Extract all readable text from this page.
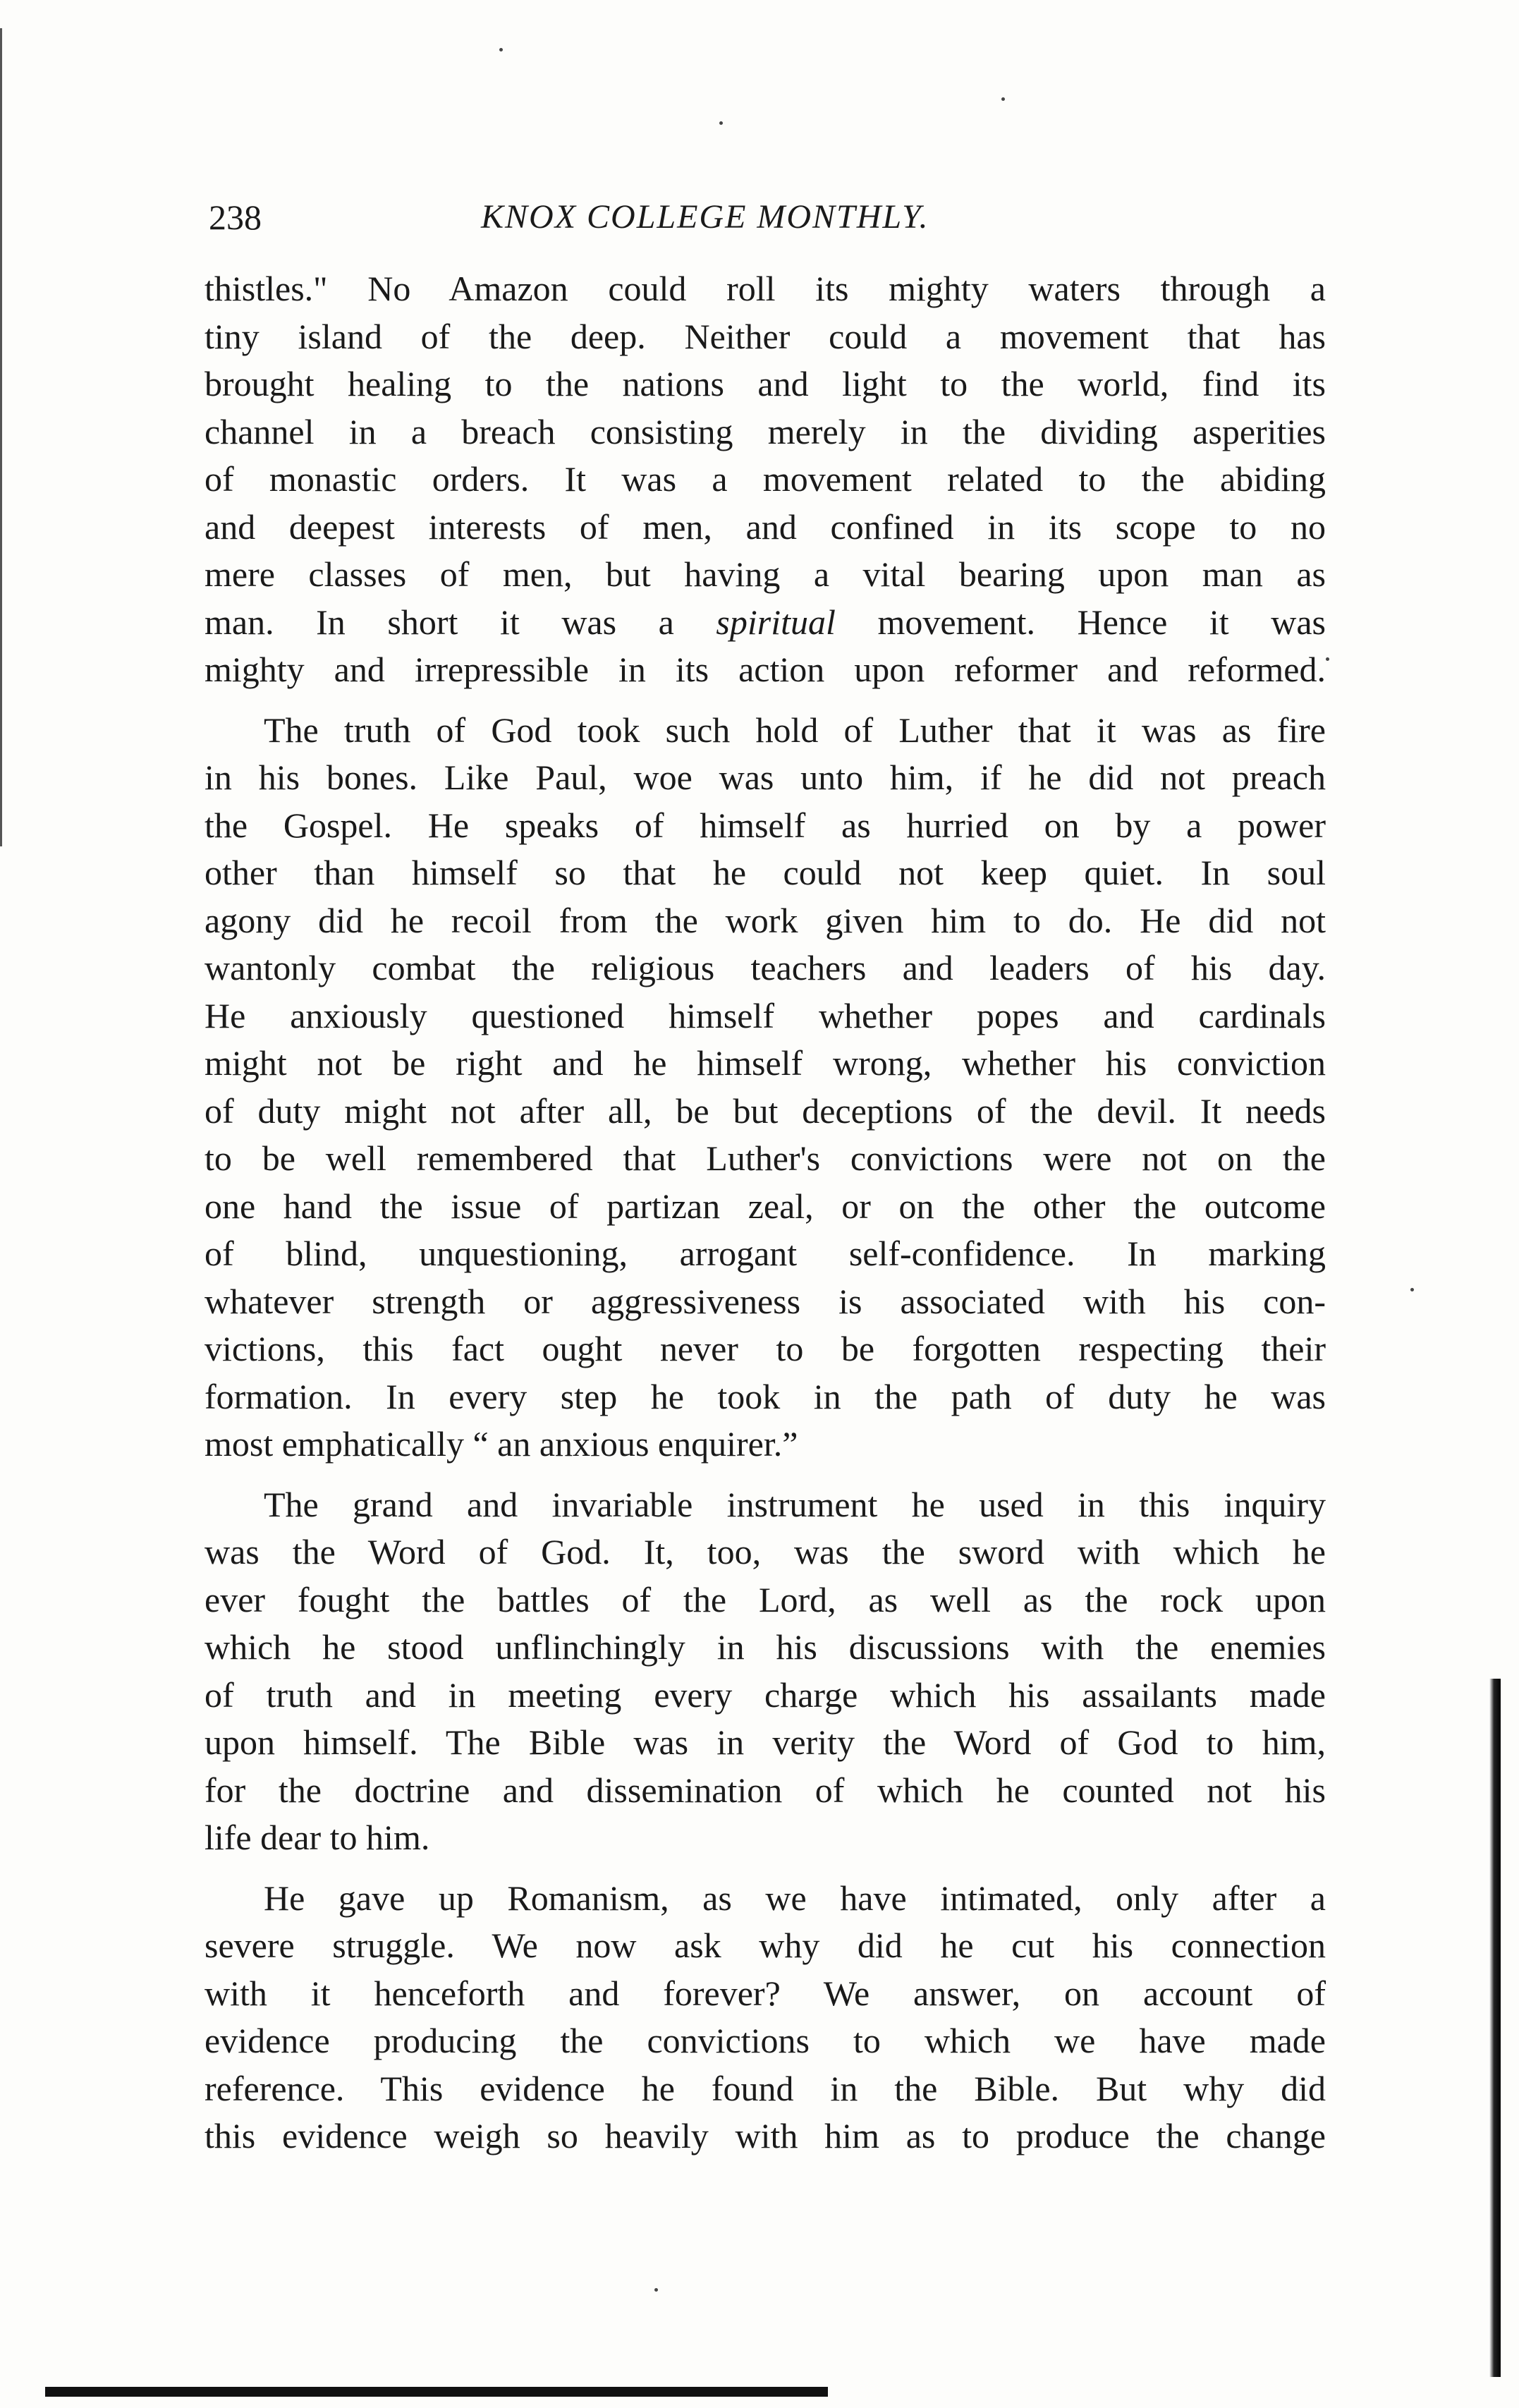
238	KNOX COLLEGE MONTHLY.
thistles." No Amazon could roll its mighty waters through a
tiny island of the deep. Neither could a movement that has
brought healing to the nations and light to the world, find its
channel in a breach consisting merely in the dividing asperities
of monastic orders. It was a movement related to the abiding
and deepest interests of men, and confined in its scope to no
mere classes of men, but having a vital bearing upon man as
man. In short it was a spiritual movement. Hence it was
mighty and irrepressible in its action upon reformer and reformed.
The truth of God took such hold of Luther that it was as fire
in his bones. Like Paul, woe was unto him, if he did not preach
the Gospel. He speaks of himself as hurried on by a power
other than himself so that he could not keep quiet. In soul
agony did he recoil from the work given him to do. He did not
wantonly combat the religious teachers and leaders of his day.
He anxiously questioned himself whether popes and cardinals
might not be right and he himself wrong, whether his conviction
of duty might not after all, be but deceptions of the devil. It needs
to be well remembered that Luther's convictions were not on the
one hand the issue of partizan zeal, or on the other the outcome
of blind, unquestioning, arrogant self-confidence. In marking
whatever strength or aggressiveness is associated with his con-
victions, this fact ought never to be forgotten respecting their
formation. In every step he took in the path of duty he was
most emphatically “ an anxious enquirer.”
The grand and invariable instrument he used in this inquiry
was the Word of God. It, too, was the sword with which he
ever fought the battles of the Lord, as well as the rock upon
which he stood unflinchingly in his discussions with the enemies
of truth and in meeting every charge which his assailants made
upon himself. The Bible was in verity the Word of God to him,
for the doctrine and dissemination of which he counted not his
life dear to him.
He gave up Romanism, as we have intimated, only after a
severe struggle. We now ask why did he cut his connection
with it henceforth and forever? We answer, on account of
evidence producing the convictions to which we have made
reference. This evidence he found in the Bible. But why did
this evidence weigh so heavily with him as to produce the change
